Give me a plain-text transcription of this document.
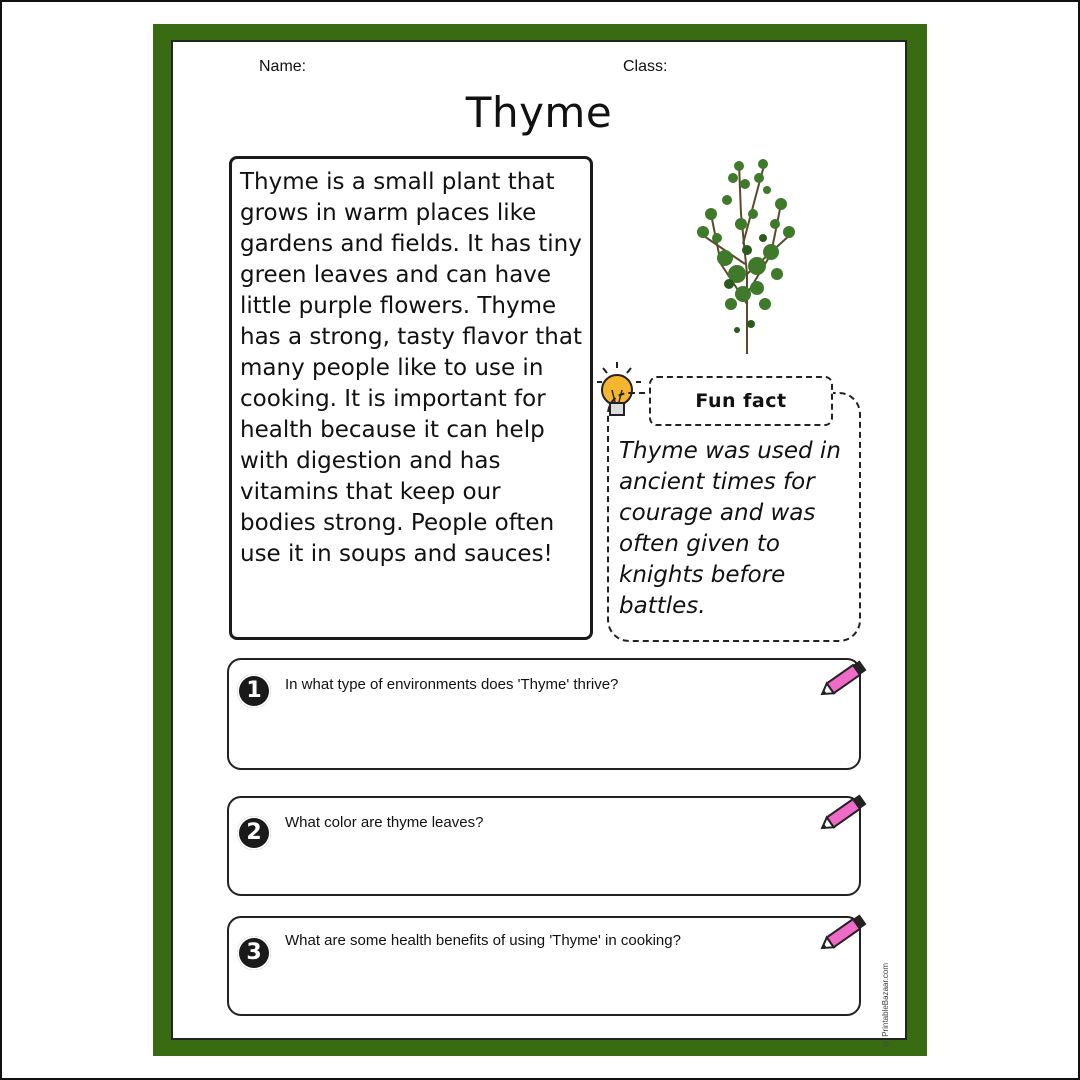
Name:	Class:
Thyme
Thyme is a small plant that grows in warm places like gardens and fields. It has tiny green leaves and can have little purple flowers. Thyme has a strong, tasty flavor that many people like to use in cooking. It is important for health because it can help with digestion and has vitamins that keep our bodies strong. People often use it in soups and sauces!
Fun fact
Thyme was used in ancient times for courage and was often given to knights before battles.
1	In what type of environments does 'Thyme' thrive?
2	What color are thyme leaves?
3	What are some health benefits of using 'Thyme' in cooking?
© PrintableBazaar.com
